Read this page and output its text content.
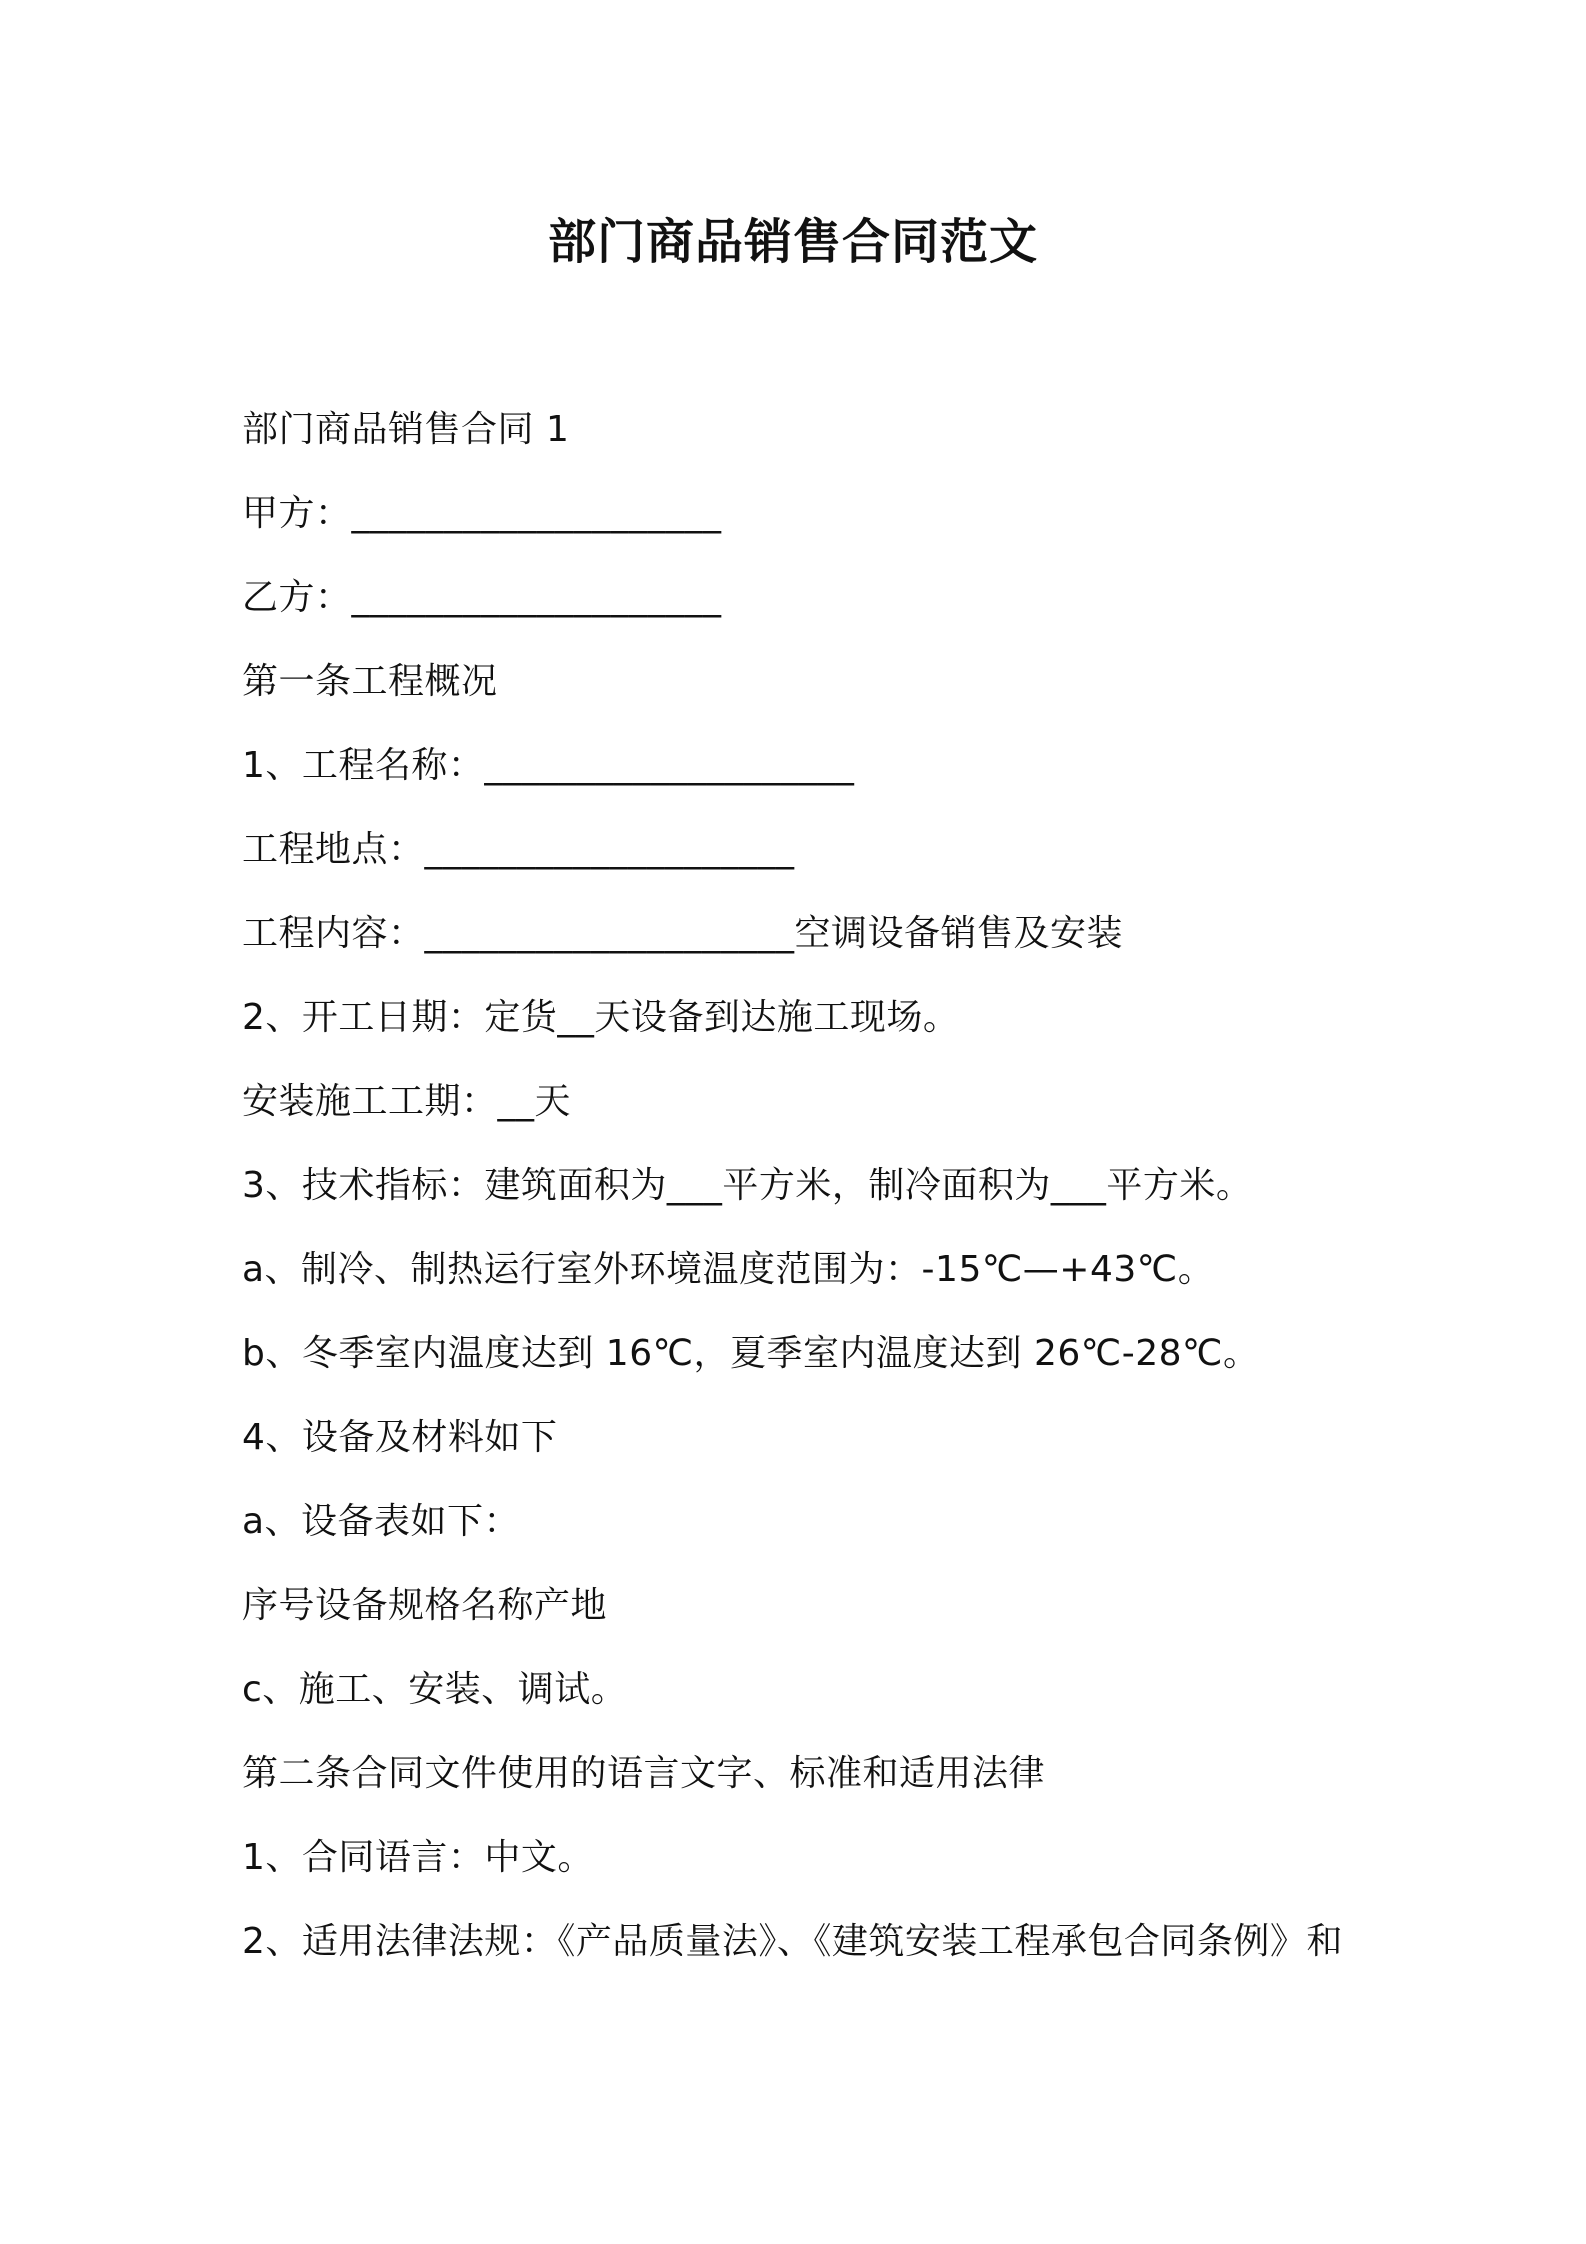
部门商品销售合同范文
部门商品销售合同 1
甲方：____________________
乙方：____________________
第一条工程概况
1、工程名称：____________________
工程地点：____________________
工程内容：____________________空调设备销售及安装
2、开工日期：定货__天设备到达施工现场。
安装施工工期：__天
3、技术指标：建筑面积为___平方米，制冷面积为___平方米。
a、制冷、制热运行室外环境温度范围为：-15℃—+43℃。
b、冬季室内温度达到 16℃，夏季室内温度达到 26℃-28℃。
4、设备及材料如下
a、设备表如下：
序号设备规格名称产地
c、施工、安装、调试。
第二条合同文件使用的语言文字、标准和适用法律
1、合同语言：中文。
2、适用法律法规：《产品质量法》、《建筑安装工程承包合同条例》和
